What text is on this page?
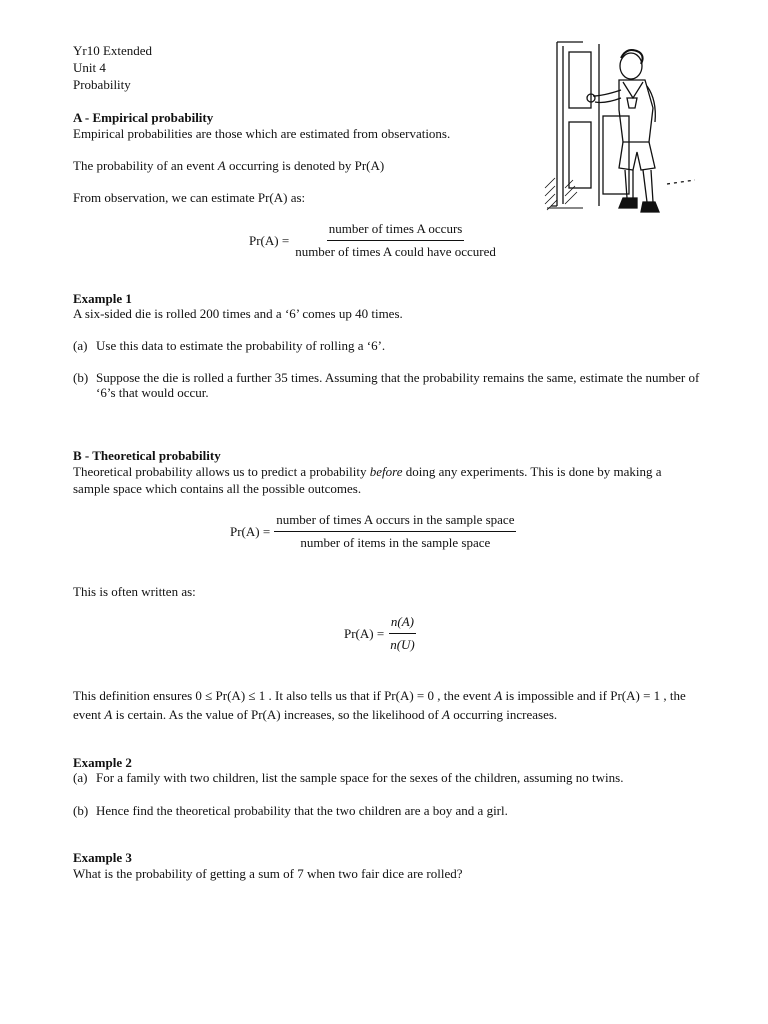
Yr10 Extended
Unit 4
Probability
A - Empirical probability
Empirical probabilities are those which are estimated from observations.
The probability of an event A occurring is denoted by Pr(A)
From observation, we can estimate Pr(A) as:
$Pr(A) = \frac{\text{number of times A occurs}}{\text{number of times A could have occured}}$
Example 1
A six-sided die is rolled 200 times and a ‘6’ comes up 40 times.
(a) Use this data to estimate the probability of rolling a ‘6’.
(b) Suppose the die is rolled a further 35 times. Assuming that the probability remains the same, estimate the number of ‘6’s that would occur.
B - Theoretical probability
Theoretical probability allows us to predict a probability before doing any experiments. This is done by making a sample space which contains all the possible outcomes.
$Pr(A) = \frac{\text{number of times A occurs in the sample space}}{\text{number of items in the sample space}}$
This is often written as:
$Pr(A) = \frac{n(A)}{n(U)}$
This definition ensures 0 ≤ Pr(A) ≤ 1 . It also tells us that if Pr(A) = 0 , the event A is impossible and if Pr(A) = 1 , the event A is certain. As the value of Pr(A) increases, so the likelihood of A occurring increases.
Example 2
(a) For a family with two children, list the sample space for the sexes of the children, assuming no twins.
(b) Hence find the theoretical probability that the two children are a boy and a girl.
Example 3
What is the probability of getting a sum of 7 when two fair dice are rolled?
